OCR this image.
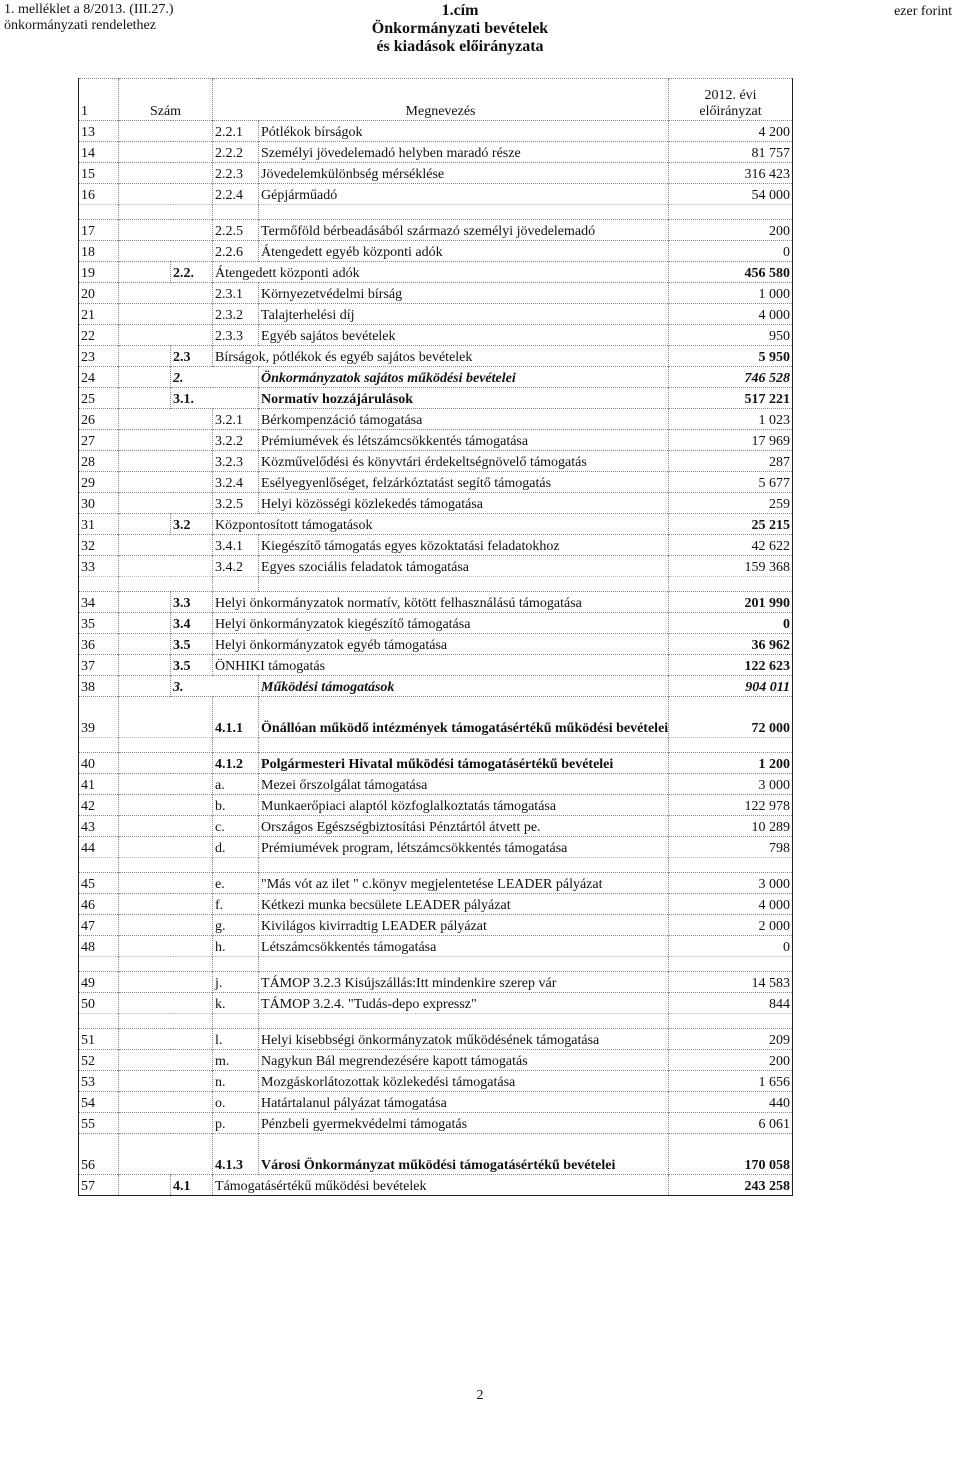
1. melléklet a 8/2013. (III.27.)
önkormányzati rendelethez
1.cím
Önkormányzati bevételek
és kiadások előirányzata
ezer forint
1	Szám		Megnevezés		2012. évi
előirányzat

13			2.2.1	Pótlékok bírságok	4 200
14			2.2.2	Személyi jövedelemadó helyben maradó része	81 757
15			2.2.3	Jövedelemkülönbség mérséklése	316 423
16			2.2.4	Gépjárműadó	54 000

17			2.2.5	Termőföld bérbeadásából származó személyi jövedelemadó	200
18			2.2.6	Átengedett egyéb központi adók	0
19		2.2.	Átengedett központi adók		456 580
20			2.3.1	Környezetvédelmi bírság	1 000
21			2.3.2	Talajterhelési díj	4 000
22			2.3.3	Egyéb sajátos bevételek	950
23		2.3	Bírságok, pótlékok és egyéb sajátos bevételek		5 950
24		2.		Önkormányzatok sajátos működési bevételei	746 528
25		3.1.		Normatív hozzájárulások	517 221
26			3.2.1	Bérkompenzáció támogatása	1 023
27			3.2.2	Prémiumévek és létszámcsökkentés támogatása	17 969
28			3.2.3	Közművelődési és könyvtári érdekeltségnövelő támogatás	287
29			3.2.4	Esélyegyenlőséget, felzárkóztatást segítő támogatás	5 677
30			3.2.5	Helyi közösségi közlekedés támogatása	259
31		3.2	Központosított támogatások		25 215
32			3.4.1	Kiegészítő támogatás egyes közoktatási feladatokhoz	42 622
33			3.4.2	Egyes szociális feladatok támogatása	159 368

34		3.3	Helyi önkormányzatok normatív, kötött felhasználású támogatása		201 990
35		3.4	Helyi önkormányzatok kiegészítő támogatása		0
36		3.5	Helyi önkormányzatok egyéb támogatása		36 962
37		3.5	ÖNHIKI támogatás		122 623
38		3.		Működési támogatások	904 011
39			4.1.1	Önállóan működő intézmények támogatásértékű működési bevételei	72 000

40			4.1.2	Polgármesteri Hivatal működési támogatásértékű bevételei	1 200
41			a.	Mezei őrszolgálat támogatása	3 000
42			b.	Munkaerőpiaci alaptól közfoglalkoztatás támogatása	122 978
43			c.	Országos Egészségbiztosítási Pénztártól átvett pe.	10 289
44			d.	Prémiumévek program, létszámcsökkentés támogatása	798

45			e.	"Más vót az ilet " c.könyv megjelentetése LEADER pályázat	3 000
46			f.	Kétkezi munka becsülete LEADER pályázat	4 000
47			g.	Kivilágos kivirradtig LEADER pályázat	2 000
48			h.	Létszámcsökkentés támogatása	0

49			j.	TÁMOP 3.2.3 Kisújszállás:Itt mindenkire szerep vár	14 583
50			k.	TÁMOP 3.2.4. "Tudás-depo expressz"	844

51			l.	Helyi kisebbségi önkormányzatok működésének támogatása	209
52			m.	Nagykun Bál megrendezésére kapott támogatás	200
53			n.	Mozgáskorlátozottak közlekedési támogatása	1 656
54			o.	Határtalanul pályázat támogatása	440
55			p.	Pénzbeli gyermekvédelmi támogatás	6 061
56			4.1.3	Városi Önkormányzat működési támogatásértékű bevételei	170 058
57		4.1	Támogatásértékű működési bevételek		243 258
2
